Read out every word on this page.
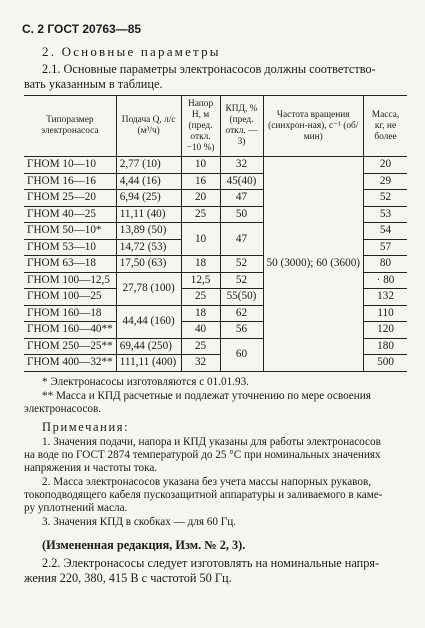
С. 2 ГОСТ 20763—85
2. Основные параметры
2.1. Основные параметры электронасосов должны соответство-
вать указанным в таблице.
Типоразмер электронасоса	Подача Q, л/с (м³/ч)	Напор H, м (пред. откл. −10 %)	КПД, % (пред. откл. —3)	Частота вращения (синхрон-ная), с⁻¹ (об/мин)	Масса, кг, не более
ГНОМ 10—10	2,77 (10)	10	32	50 (3000); 60 (3600)	20
ГНОМ 16—16	4,44 (16)	16	45(40)		29
ГНОМ 25—20	6,94 (25)	20	47		52
ГНОМ 40—25	11,11 (40)	25	50		53
ГНОМ 50—10*	13,89 (50)	10	47		54
ГНОМ 53—10	14,72 (53)				57
ГНОМ 63—18	17,50 (63)	18	52		80
ГНОМ 100—12,5	27,78 (100)	12,5	52		· 80
ГНОМ 100—25		25	55(50)		132
ГНОМ 160—18	44,44 (160)	18	62		110
ГНОМ 160—40**		40	56		120
ГНОМ 250—25**	69,44 (250)	25	60		180
ГНОМ 400—32**	111,11 (400)	32			500
* Электронасосы изготовляются с 01.01.93.
** Масса и КПД расчетные и подлежат уточнению по мере освоения
электронасосов.
Примечания:
1. Значения подачи, напора и КПД указаны для работы электронасосов
на воде по ГОСТ 2874 температурой до 25 °С при номинальных значениях
напряжения и частоты тока.
2. Масса электронасосов указана без учета массы напорных рукавов,
токоподводящего кабеля пускозащитной аппаратуры и заливаемого в каме-
ру уплотнений масла.
3. Значения КПД в скобках — для 60 Гц.
(Измененная редакция, Изм. № 2, 3).
2.2. Электронасосы следует изготовлять на номинальные напря-
жения 220, 380, 415 В с частотой 50 Гц.
